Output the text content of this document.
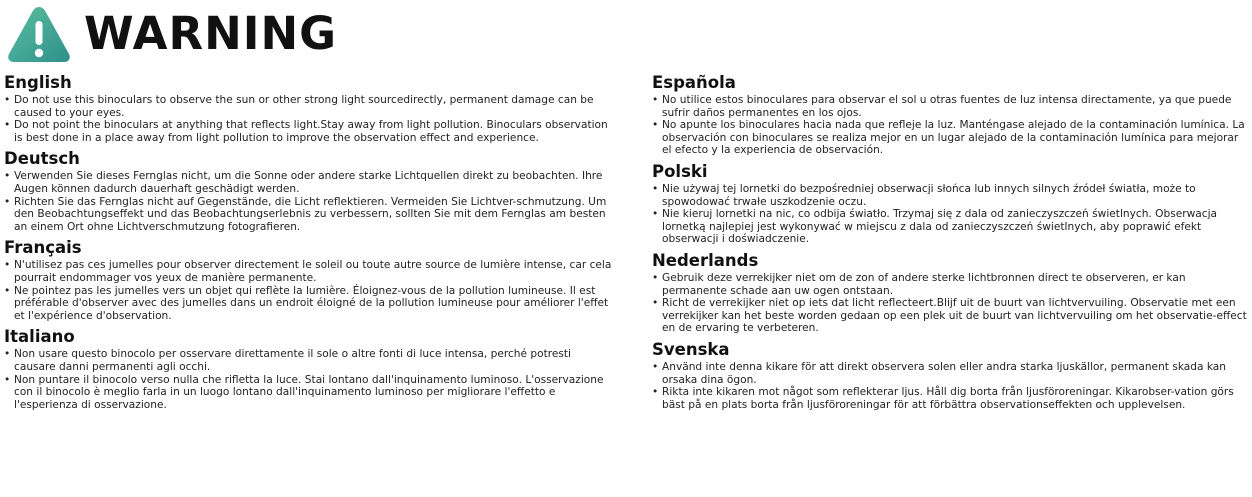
WARNING
English
• Do not use this binoculars to observe the sun or other strong light sourcedirectly, permanent damage can be caused to your eyes.
• Do not point the binoculars at anything that reflects light.Stay away from light pollution. Binoculars observation is best done in a place away from light pollution to improve the observation effect and experience.
Deutsch
• Verwenden Sie dieses Fernglas nicht, um die Sonne oder andere starke Lichtquellen direkt zu beobachten. Ihre Augen können dadurch dauerhaft geschädigt werden.
• Richten Sie das Fernglas nicht auf Gegenstände, die Licht reflektieren. Vermeiden Sie Lichtver-schmutzung. Um den Beobachtungseffekt und das Beobachtungserlebnis zu verbessern, sollten Sie mit dem Fernglas am besten an einem Ort ohne Lichtverschmutzung fotografieren.
Français
• N'utilisez pas ces jumelles pour observer directement le soleil ou toute autre source de lumière intense, car cela pourrait endommager vos yeux de manière permanente.
• Ne pointez pas les jumelles vers un objet qui reflète la lumière. Éloignez-vous de la pollution lumineuse. Il est préférable d'observer avec des jumelles dans un endroit éloigné de la pollution lumineuse pour améliorer l'effet et l'expérience d'observation.
Italiano
• Non usare questo binocolo per osservare direttamente il sole o altre fonti di luce intensa, perché potresti causare danni permanenti agli occhi.
• Non puntare il binocolo verso nulla che rifletta la luce. Stai lontano dall'inquinamento luminoso. L'osservazione con il binocolo è meglio farla in un luogo lontano dall'inquinamento luminoso per migliorare l'effetto e l'esperienza di osservazione.
Española
• No utilice estos binoculares para observar el sol u otras fuentes de luz intensa directamente, ya que puede sufrir daños permanentes en los ojos.
• No apunte los binoculares hacia nada que refleje la luz. Manténgase alejado de la contaminación lumínica. La observación con binoculares se realiza mejor en un lugar alejado de la contaminación lumínica para mejorar el efecto y la experiencia de observación.
Polski
• Nie używaj tej lornetki do bezpośredniej obserwacji słońca lub innych silnych źródeł światła, może to spowodować trwałe uszkodzenie oczu.
• Nie kieruj lornetki na nic, co odbija światło. Trzymaj się z dala od zanieczyszczeń świetlnych. Obserwacja lornetką najlepiej jest wykonywać w miejscu z dala od zanieczyszczeń świetlnych, aby poprawić efekt obserwacji i doświadczenie.
Nederlands
• Gebruik deze verrekijker niet om de zon of andere sterke lichtbronnen direct te observeren, er kan permanente schade aan uw ogen ontstaan.
• Richt de verrekijker niet op iets dat licht reflecteert.Blijf uit de buurt van lichtvervuiling. Observatie met een verrekijker kan het beste worden gedaan op een plek uit de buurt van lichtvervuiling om het observatie-effect en de ervaring te verbeteren.
Svenska
• Använd inte denna kikare för att direkt observera solen eller andra starka ljuskällor, permanent skada kan orsaka dina ögon.
• Rikta inte kikaren mot något som reflekterar ljus. Håll dig borta från ljusföroreningar. Kikarobser-vation görs bäst på en plats borta från ljusföroreningar för att förbättra observationseffekten och upplevelsen.
